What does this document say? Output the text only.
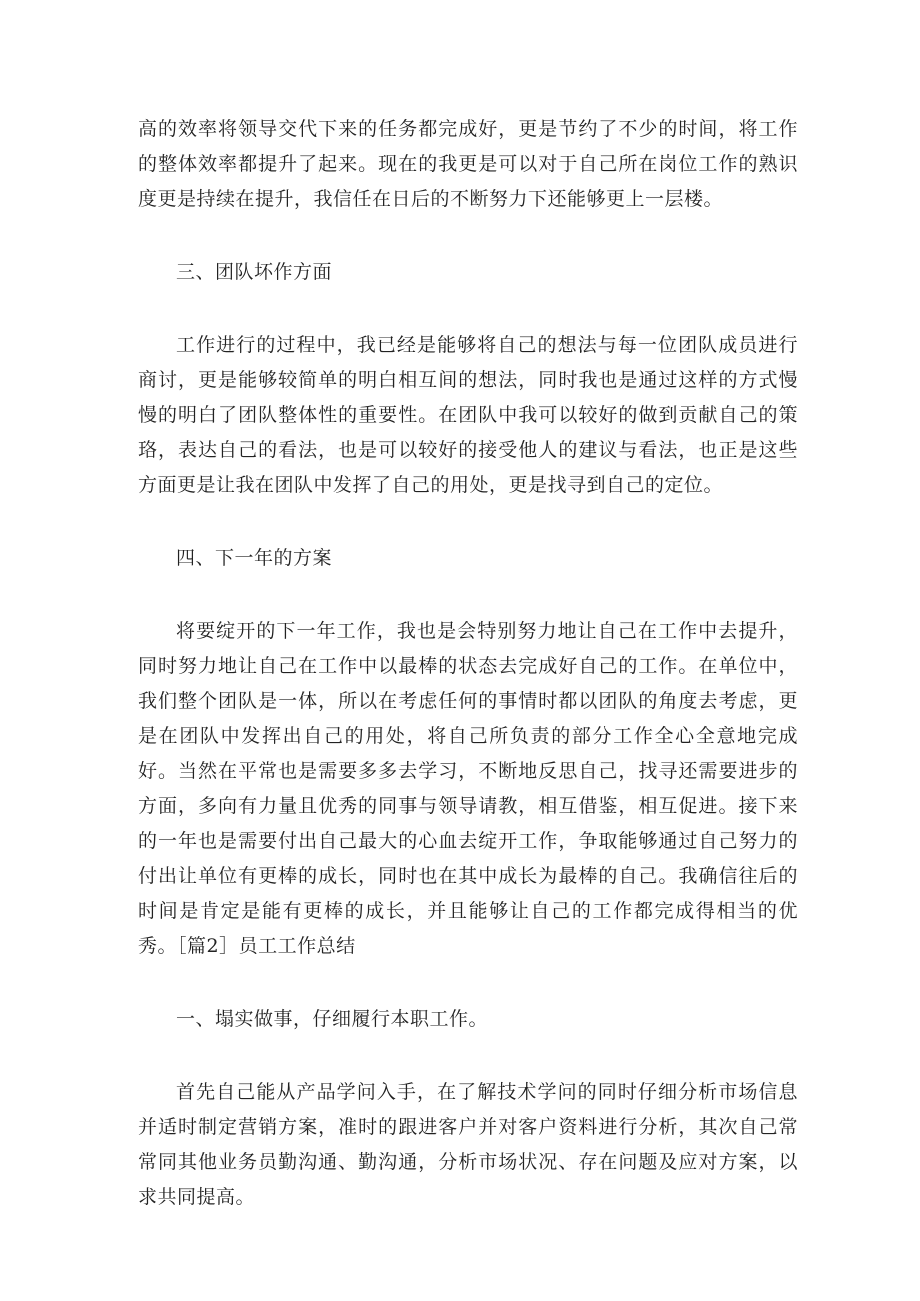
高的效率将领导交代下来的任务都完成好，更是节约了不少的时间，将工作的整体效率都提升了起来。现在的我更是可以对于自己所在岗位工作的熟识度更是持续在提升，我信任在日后的不断努力下还能够更上一层楼。

三、团队坏作方面

工作进行的过程中，我已经是能够将自己的想法与每一位团队成员进行商讨，更是能够较简单的明白相互间的想法，同时我也是通过这样的方式慢慢的明白了团队整体性的重要性。在团队中我可以较好的做到贡献自己的策珞，表达自己的看法，也是可以较好的接受他人的建议与看法，也正是这些方面更是让我在团队中发挥了自己的用处，更是找寻到自己的定位。

四、下一年的方案

将要绽开的下一年工作，我也是会特别努力地让自己在工作中去提升，同时努力地让自己在工作中以最棒的状态去完成好自己的工作。在单位中，我们整个团队是一体，所以在考虑任何的事情时都以团队的角度去考虑，更是在团队中发挥出自己的用处，将自己所负责的部分工作全心全意地完成好。当然在平常也是需要多多去学习，不断地反思自己，找寻还需要进步的方面，多向有力量且优秀的同事与领导请教，相互借鉴，相互促进。接下来的一年也是需要付出自己最大的心血去绽开工作，争取能够通过自己努力的付出让单位有更棒的成长，同时也在其中成长为最棒的自己。我确信往后的时间是肯定是能有更棒的成长，并且能够让自己的工作都完成得相当的优秀。［篇2］员工工作总结

一、塌实做事，仔细履行本职工作。

首先自己能从产品学问入手，在了解技术学问的同时仔细分析市场信息并适时制定营销方案，准时的跟进客户并对客户资料进行分析，其次自己常常同其他业务员勤沟通、勤沟通，分析市场状况、存在问题及应对方案，以求共同提高。
